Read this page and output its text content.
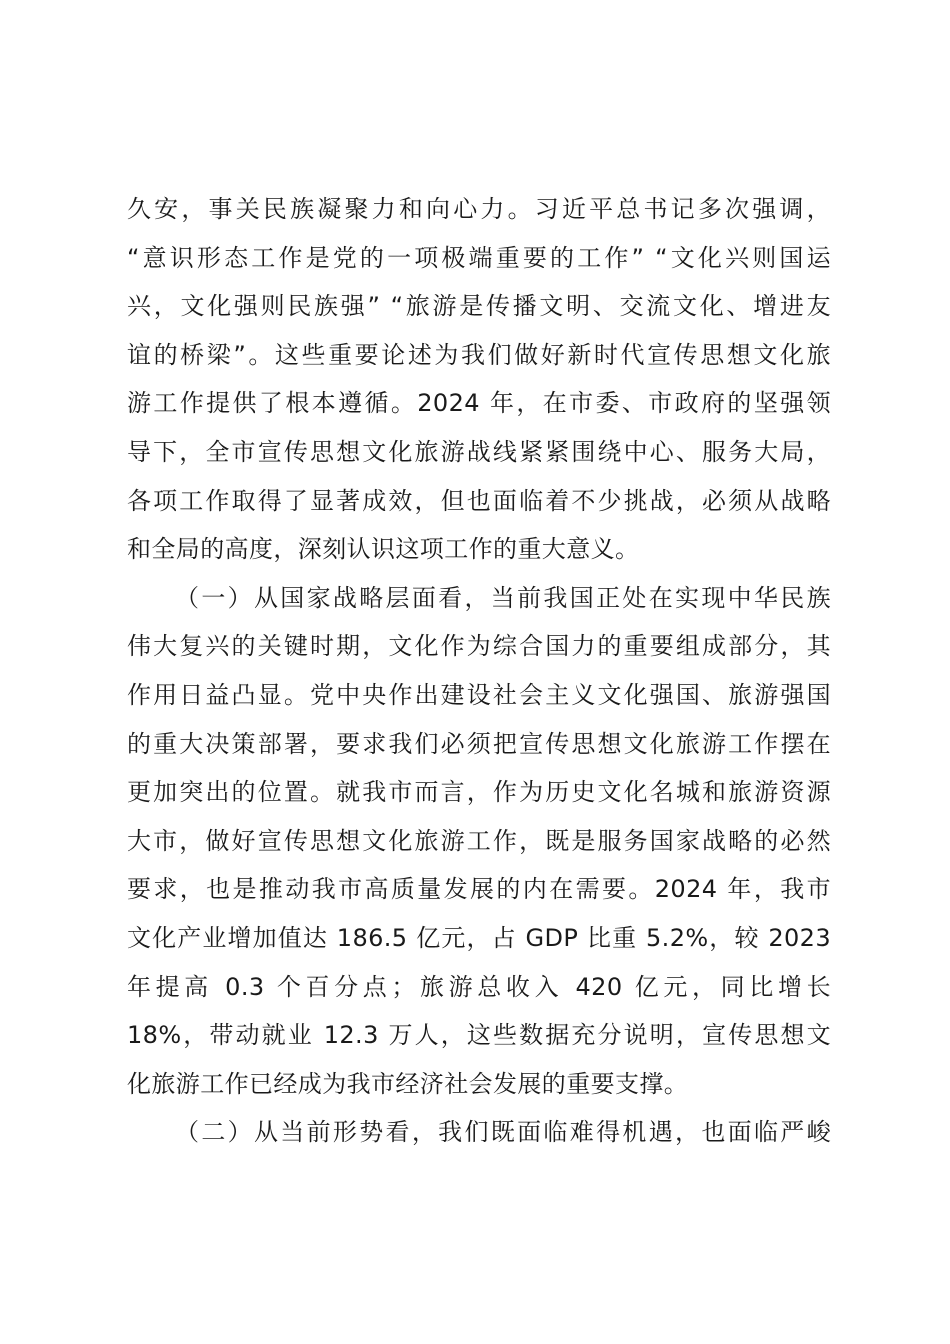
久安，事关民族凝聚力和向心力。习近平总书记多次强调，
“意识形态工作是党的一项极端重要的工作” “文化兴则国运
兴，文化强则民族强” “旅游是传播文明、交流文化、增进友
谊的桥梁”。这些重要论述为我们做好新时代宣传思想文化旅
游工作提供了根本遵循。2024 年，在市委、市政府的坚强领
导下，全市宣传思想文化旅游战线紧紧围绕中心、服务大局，
各项工作取得了显著成效，但也面临着不少挑战，必须从战略
和全局的高度，深刻认识这项工作的重大意义。
（一）从国家战略层面看，当前我国正处在实现中华民族
伟大复兴的关键时期，文化作为综合国力的重要组成部分，其
作用日益凸显。党中央作出建设社会主义文化强国、旅游强国
的重大决策部署，要求我们必须把宣传思想文化旅游工作摆在
更加突出的位置。就我市而言，作为历史文化名城和旅游资源
大市，做好宣传思想文化旅游工作，既是服务国家战略的必然
要求，也是推动我市高质量发展的内在需要。2024 年，我市
文化产业增加值达 186.5 亿元，占 GDP 比重 5.2%，较 2023
年提高 0.3 个百分点；旅游总收入 420 亿元，同比增长
18%，带动就业 12.3 万人，这些数据充分说明，宣传思想文
化旅游工作已经成为我市经济社会发展的重要支撑。
（二）从当前形势看，我们既面临难得机遇，也面临严峻
